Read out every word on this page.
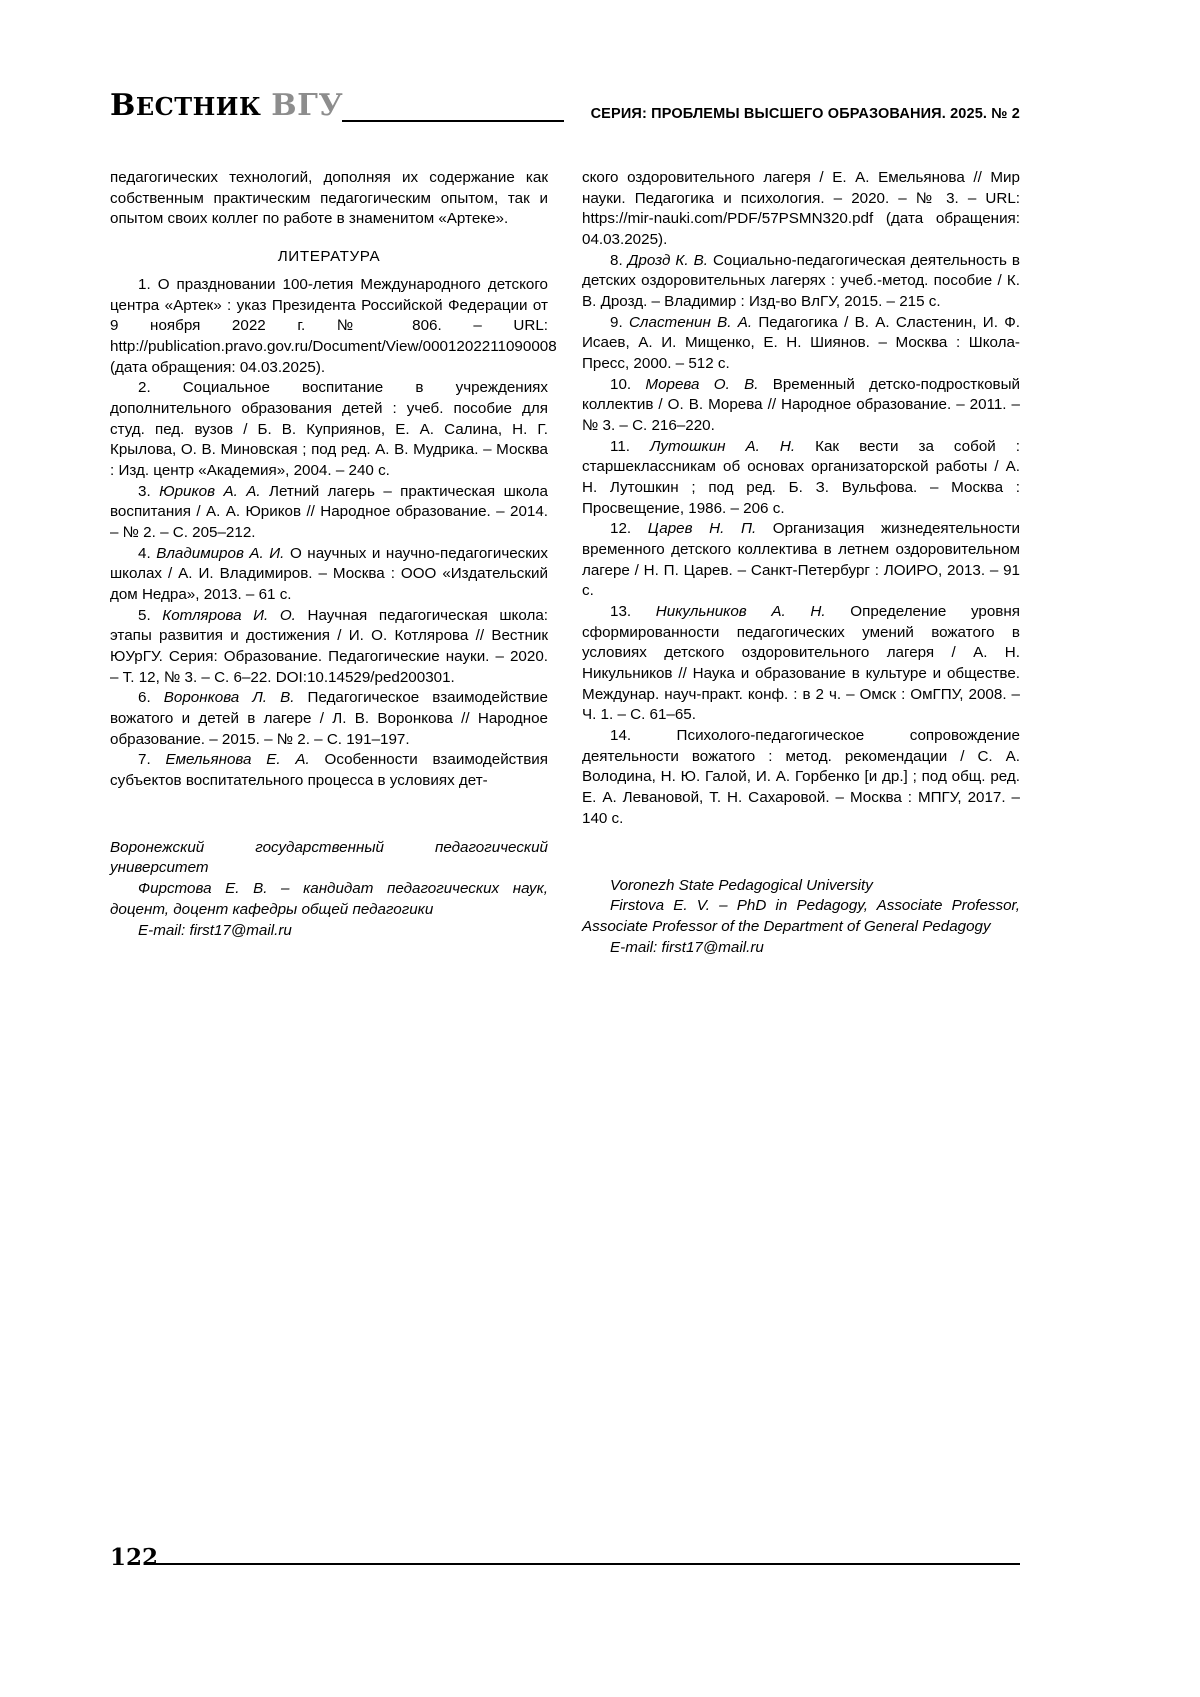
ВЕСТНИК ВГУ	СЕРИЯ: ПРОБЛЕМЫ ВЫСШЕГО ОБРАЗОВАНИЯ. 2025. № 2

педагогических технологий, дополняя их содержание как собственным практическим педагогическим опытом, так и опытом своих коллег по работе в знаменитом «Артеке».

ЛИТЕРАТУРА

1. О праздновании 100-летия Международного детского центра «Артек» : указ Президента Российской Федерации от 9 ноября 2022 г. № 806. – URL: http://publication.pravo.gov.ru/Document/View/0001202211090008 (дата обращения: 04.03.2025).

2. Социальное воспитание в учреждениях дополнительного образования детей : учеб. пособие для студ. пед. вузов / Б. В. Куприянов, Е. А. Салина, Н. Г. Крылова, О. В. Миновская ; под ред. А. В. Мудрика. – Москва : Изд. центр «Академия», 2004. – 240 с.

3. Юриков А. А. Летний лагерь – практическая школа воспитания / А. А. Юриков // Народное образование. – 2014. – № 2. – С. 205–212.

4. Владимиров А. И. О научных и научно-педагогических школах / А. И. Владимиров. – Москва : ООО «Издательский дом Недра», 2013. – 61 с.

5. Котлярова И. О. Научная педагогическая школа: этапы развития и достижения / И. О. Котлярова // Вестник ЮУрГУ. Серия: Образование. Педагогические науки. – 2020. – Т. 12, № 3. – С. 6–22. DOI:10.14529/ped200301.

6. Воронкова Л. В. Педагогическое взаимодействие вожатого и детей в лагере / Л. В. Воронкова // Народное образование. – 2015. – № 2. – С. 191–197.

7. Емельянова Е. А. Особенности взаимодействия субъектов воспитательного процесса в условиях дет-

Воронежский государственный педагогический университет

Фирстова Е. В. – кандидат педагогических наук, доцент, доцент кафедры общей педагогики

E-mail: first17@mail.ru

ского оздоровительного лагеря / Е. А. Емельянова // Мир науки. Педагогика и психология. – 2020. – № 3. – URL: https://mir-nauki.com/PDF/57PSMN320.pdf (дата обращения: 04.03.2025).

8. Дрозд К. В. Социально-педагогическая деятельность в детских оздоровительных лагерях : учеб.-метод. пособие / К. В. Дрозд. – Владимир : Изд-во ВлГУ, 2015. – 215 с.

9. Сластенин В. А. Педагогика / В. А. Сластенин, И. Ф. Исаев, А. И. Мищенко, Е. Н. Шиянов. – Москва : Школа-Пресс, 2000. – 512 с.

10. Морева О. В. Временный детско-подростковый коллектив / О. В. Морева // Народное образование. – 2011. – № 3. – С. 216–220.

11. Лутошкин А. Н. Как вести за собой : старшеклассникам об основах организаторской работы / А. Н. Лутошкин ; под ред. Б. З. Вульфова. – Москва : Просвещение, 1986. – 206 с.

12. Царев Н. П. Организация жизнедеятельности временного детского коллектива в летнем оздоровительном лагере / Н. П. Царев. – Санкт-Петербург : ЛОИРО, 2013. – 91 с.

13. Никульников А. Н. Определение уровня сформированности педагогических умений вожатого в условиях детского оздоровительного лагеря / А. Н. Никульников // Наука и образование в культуре и обществе. Междунар. науч-практ. конф. : в 2 ч. – Омск : ОмГПУ, 2008. – Ч. 1. – С. 61–65.

14. Психолого-педагогическое сопровождение деятельности вожатого : метод. рекомендации / С. А. Володина, Н. Ю. Галой, И. А. Горбенко [и др.] ; под общ. ред. Е. А. Левановой, Т. Н. Сахаровой. – Москва : МПГУ, 2017. – 140 с.

Voronezh State Pedagogical University

Firstova E. V. – PhD in Pedagogy, Associate Professor, Associate Professor of the Department of General Pedagogy

E-mail: first17@mail.ru

122
